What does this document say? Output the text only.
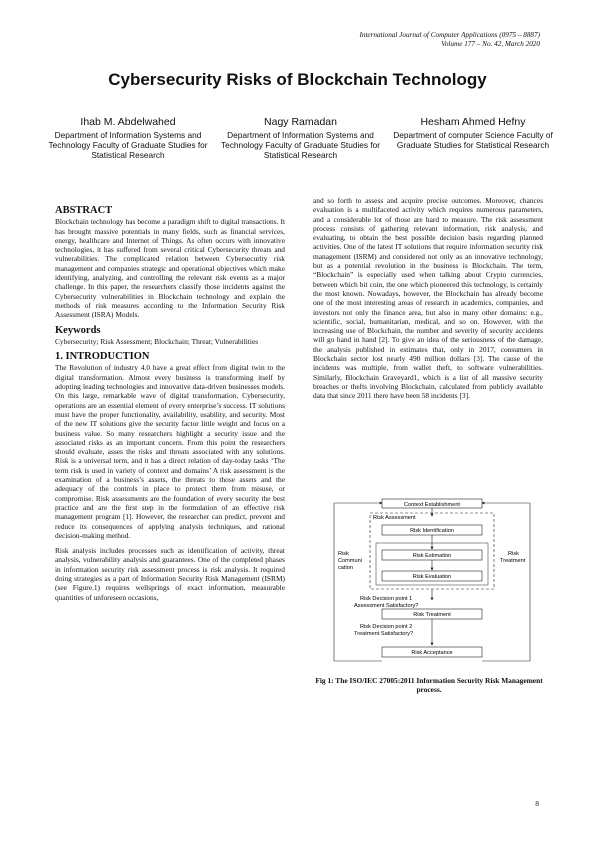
International Journal of Computer Applications (0975 – 8887)
Volume 177 – No. 42, March 2020
Cybersecurity Risks of Blockchain Technology
Ihab M. Abdelwahed
Department of Information Systems and Technology Faculty of Graduate Studies for Statistical Research
Nagy Ramadan
Department of Information Systems and Technology Faculty of Graduate Studies for Statistical Research
Hesham Ahmed Hefny
Department of computer Science Faculty of Graduate Studies for Statistical Research
ABSTRACT

Blockchain technology has become a paradigm shift to digital transactions. It has brought massive potentials in many fields, such as financial services, energy, healthcare and Internet of Things. As often occurs with innovative technologies, it has suffered from several critical Cybersecurity threats and vulnerabilities. The complicated relation between Cybersecurity risk management and companies strategic and operational objectives which make identifying, analyzing, and controlling the relevant risk events as a major challenge. In this paper, the researchers classify those incidents against the Cybersecurity vulnerabilities in Blockchain technology and explain the methods of risk measures according to the Information Security Risk Assessment (ISRA) Models.

Keywords

Cybersecurity; Risk Assessment; Blockchain; Threat; Vulnerabilities

1. INTRODUCTION

The Revolution of industry 4.0 have a great effect from digital twin to the digital transformation. Almost every business is transforming itself by adopting leading technologies and innovative data-driven businesses models. On this large, remarkable wave of digital transformation, Cybersecurity, operations are an essential element of every enterprise’s success. IT solutions must have the proper functionality, availability, usability, and security. Most of the new IT solutions give the security factor little weight and focus on a business value. So many researchers highlight a security issue and the associated risks as an important concern. From this point the researchers should evaluate, asses the risks and threats associated with any solutions. Risk is a universal term, and it has a direct relation of day-today tasks ‘The term risk is used in variety of context and domains’ A risk assessment is the examination of a business’s assets, the threats to those assets and the adequacy of the controls in place to protect them from misuse, or compromise. Risk assessments are the foundation of every security the best practice and are the first step in the formulation of an effective risk management program [1]. However, the researcher can predict, prevent and reduce its consequences of applying analysis techniques, and rational decision-making method.

Risk analysis includes processes such as identification of activity, threat analysis, vulnerability analysis and guarantees. One of the completed phases in information security risk assessment process is risk analysis. It required doing strategies as a part of Information Security Risk Management (ISRM) (see Figure.1) requires wellsprings of exact information, measurable quantities of unforeseen occasions,

and so forth to assess and acquire precise outcomes. Moreover, chances evaluation is a multifaceted activity which requires numerous parameters, and a considerable lot of those are hard to measure. The risk assessment process consists of gathering relevant information, risk analysis, and evaluating, to obtain the best possible decision basis regarding planned activities. One of the latest IT solutions that require information security risk management (ISRM) and considered not only as an innovative technology, but as a potential revolution in the business is Blockchain. The term, “Blockchain” is especially used when talking about Crypto currencies, between which bit coin, the one which pioneered this technology, is certainly the most known. Nowadays, however, the Blockchain has already become one of the most interesting areas of research in academics, companies, and investors not only the finance area, but also in many other domains: e.g., scientific, social, humanitarian, medical, and so on. However, with the increasing use of Blockchain, the number and severity of security accidents will go hand in hand [2]. To give an idea of the seriousness of the damage, the analysis published in estimates that, only in 2017, consumers in Blockchain sector lost nearly 490 million dollars [3]. The cause of the incidents was multiple, from wallet theft, to software vulnerabilities. Similarly, Blockchain Graveyard1, which is a list of all massive security breaches or thefts involving Blockchain, calculated from publicly available data that since 2011 there have been 58 incidents [3].

Context Establishment
Risk Assessment
Risk Identification
Risk Estimation
Risk Evaluation
Risk Decision point 1
Assessment Satisfactory?
Risk Treatment
Risk Decision point 2
Treatment Satisfactory?
Risk Acceptance
Risk
Communi
cation
Risk
Treatment
Fig 1: The ISO/IEC 27005:2011 Information Security Risk Management process.
8
